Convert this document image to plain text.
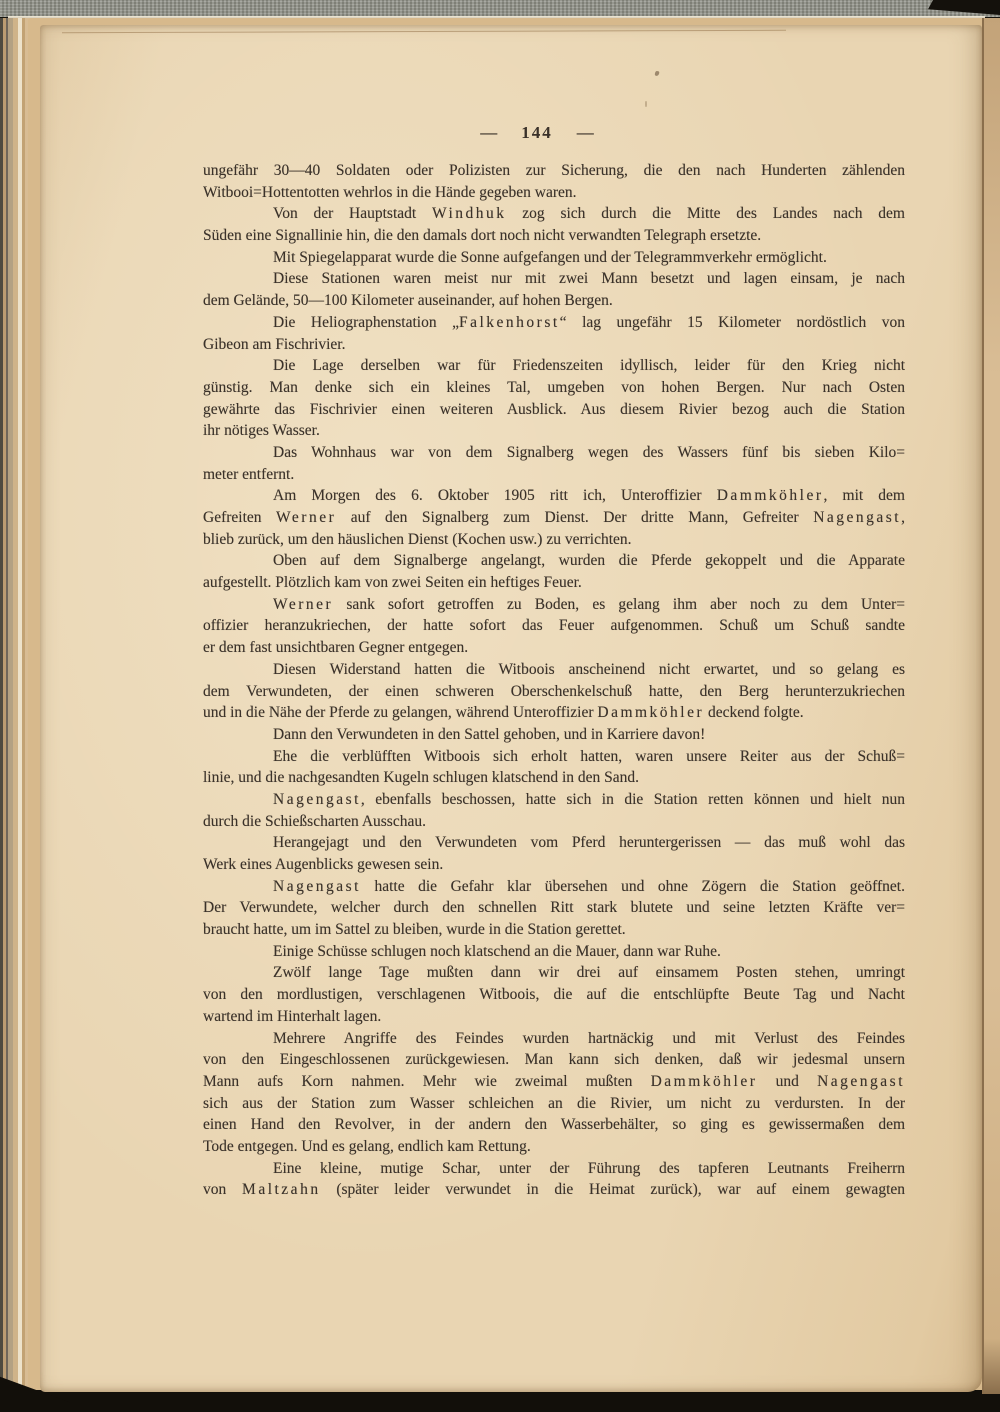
— 144 —
ungefähr 30—40 Soldaten oder Polizisten zur Sicherung, die den nach Hunderten zählenden
Witbooi=Hottentotten wehrlos in die Hände gegeben waren.
Von der Hauptstadt Windhuk zog sich durch die Mitte des Landes nach dem
Süden eine Signallinie hin, die den damals dort noch nicht verwandten Telegraph ersetzte.
Mit Spiegelapparat wurde die Sonne aufgefangen und der Telegrammverkehr ermöglicht.
Diese Stationen waren meist nur mit zwei Mann besetzt und lagen einsam, je nach
dem Gelände, 50—100 Kilometer auseinander, auf hohen Bergen.
Die Heliographenstation „Falkenhorst“ lag ungefähr 15 Kilometer nordöstlich von
Gibeon am Fischrivier.
Die Lage derselben war für Friedenszeiten idyllisch, leider für den Krieg nicht
günstig. Man denke sich ein kleines Tal, umgeben von hohen Bergen. Nur nach Osten
gewährte das Fischrivier einen weiteren Ausblick. Aus diesem Rivier bezog auch die Station
ihr nötiges Wasser.
Das Wohnhaus war von dem Signalberg wegen des Wassers fünf bis sieben Kilo=
meter entfernt.
Am Morgen des 6. Oktober 1905 ritt ich, Unteroffizier Dammköhler, mit dem
Gefreiten Werner auf den Signalberg zum Dienst. Der dritte Mann, Gefreiter Nagengast,
blieb zurück, um den häuslichen Dienst (Kochen usw.) zu verrichten.
Oben auf dem Signalberge angelangt, wurden die Pferde gekoppelt und die Apparate
aufgestellt. Plötzlich kam von zwei Seiten ein heftiges Feuer.
Werner sank sofort getroffen zu Boden, es gelang ihm aber noch zu dem Unter=
offizier heranzukriechen, der hatte sofort das Feuer aufgenommen. Schuß um Schuß sandte
er dem fast unsichtbaren Gegner entgegen.
Diesen Widerstand hatten die Witboois anscheinend nicht erwartet, und so gelang es
dem Verwundeten, der einen schweren Oberschenkelschuß hatte, den Berg herunterzukriechen
und in die Nähe der Pferde zu gelangen, während Unteroffizier Dammköhler deckend folgte.
Dann den Verwundeten in den Sattel gehoben, und in Karriere davon!
Ehe die verblüfften Witboois sich erholt hatten, waren unsere Reiter aus der Schuß=
linie, und die nachgesandten Kugeln schlugen klatschend in den Sand.
Nagengast, ebenfalls beschossen, hatte sich in die Station retten können und hielt nun
durch die Schießscharten Ausschau.
Herangejagt und den Verwundeten vom Pferd heruntergerissen — das muß wohl das
Werk eines Augenblicks gewesen sein.
Nagengast hatte die Gefahr klar übersehen und ohne Zögern die Station geöffnet.
Der Verwundete, welcher durch den schnellen Ritt stark blutete und seine letzten Kräfte ver=
braucht hatte, um im Sattel zu bleiben, wurde in die Station gerettet.
Einige Schüsse schlugen noch klatschend an die Mauer, dann war Ruhe.
Zwölf lange Tage mußten dann wir drei auf einsamem Posten stehen, umringt
von den mordlustigen, verschlagenen Witboois, die auf die entschlüpfte Beute Tag und Nacht
wartend im Hinterhalt lagen.
Mehrere Angriffe des Feindes wurden hartnäckig und mit Verlust des Feindes
von den Eingeschlossenen zurückgewiesen. Man kann sich denken, daß wir jedesmal unsern
Mann aufs Korn nahmen. Mehr wie zweimal mußten Dammköhler und Nagengast
sich aus der Station zum Wasser schleichen an die Rivier, um nicht zu verdursten. In der
einen Hand den Revolver, in der andern den Wasserbehälter, so ging es gewissermaßen dem
Tode entgegen. Und es gelang, endlich kam Rettung.
Eine kleine, mutige Schar, unter der Führung des tapferen Leutnants Freiherrn
von Maltzahn (später leider verwundet in die Heimat zurück), war auf einem gewagten
